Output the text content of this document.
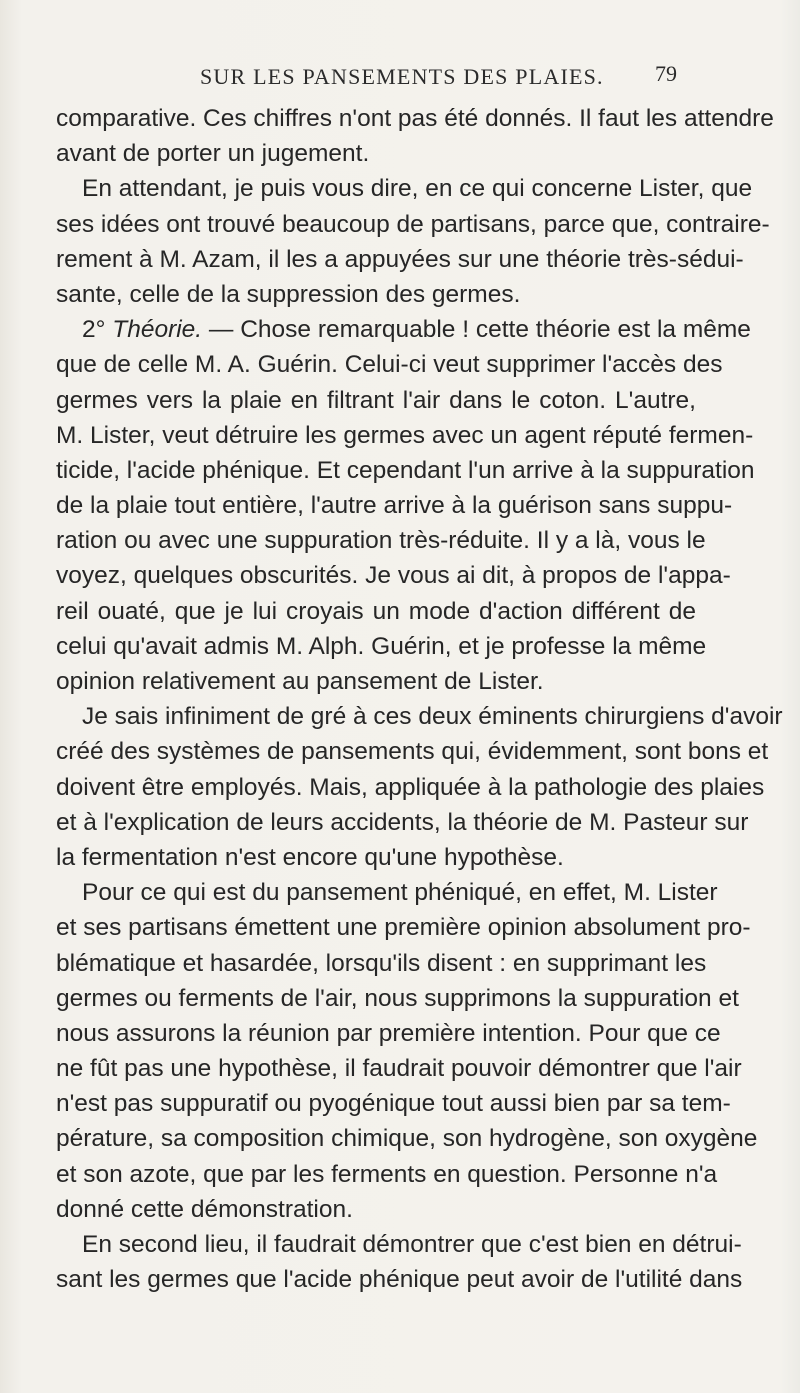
SUR LES PANSEMENTS DES PLAIES. 79
comparative. Ces chiffres n'ont pas été donnés. Il faut les attendre
avant de porter un jugement.
En attendant, je puis vous dire, en ce qui concerne Lister, que
ses idées ont trouvé beaucoup de partisans, parce que, contraire-
rement à M. Azam, il les a appuyées sur une théorie très-sédui-
sante, celle de la suppression des germes.
2° Théorie. — Chose remarquable ! cette théorie est la même
que de celle M. A. Guérin. Celui-ci veut supprimer l'accès des
germes vers la plaie en filtrant l'air dans le coton. L'autre,
M. Lister, veut détruire les germes avec un agent réputé fermen-
ticide, l'acide phénique. Et cependant l'un arrive à la suppuration
de la plaie tout entière, l'autre arrive à la guérison sans suppu-
ration ou avec une suppuration très-réduite. Il y a là, vous le
voyez, quelques obscurités. Je vous ai dit, à propos de l'appa-
reil ouaté, que je lui croyais un mode d'action différent de
celui qu'avait admis M. Alph. Guérin, et je professe la même
opinion relativement au pansement de Lister.
Je sais infiniment de gré à ces deux éminents chirurgiens d'avoir
créé des systèmes de pansements qui, évidemment, sont bons et
doivent être employés. Mais, appliquée à la pathologie des plaies
et à l'explication de leurs accidents, la théorie de M. Pasteur sur
la fermentation n'est encore qu'une hypothèse.
Pour ce qui est du pansement phéniqué, en effet, M. Lister
et ses partisans émettent une première opinion absolument pro-
blématique et hasardée, lorsqu'ils disent : en supprimant les
germes ou ferments de l'air, nous supprimons la suppuration et
nous assurons la réunion par première intention. Pour que ce
ne fût pas une hypothèse, il faudrait pouvoir démontrer que l'air
n'est pas suppuratif ou pyogénique tout aussi bien par sa tem-
pérature, sa composition chimique, son hydrogène, son oxygène
et son azote, que par les ferments en question. Personne n'a
donné cette démonstration.
En second lieu, il faudrait démontrer que c'est bien en détrui-
sant les germes que l'acide phénique peut avoir de l'utilité dans
